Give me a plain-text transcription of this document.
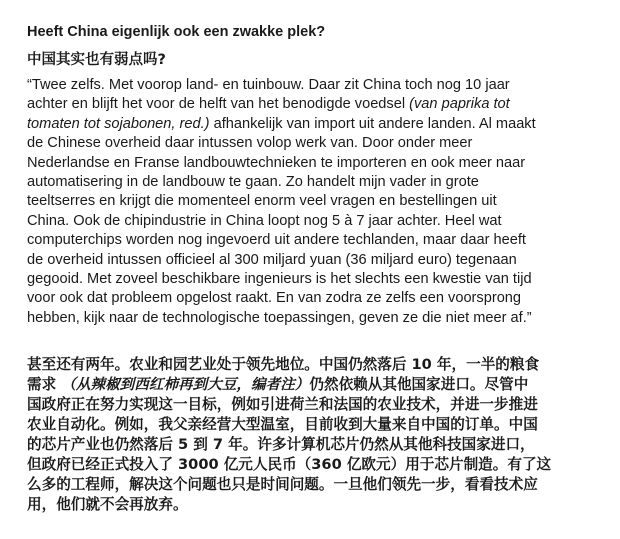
Heeft China eigenlijk ook een zwakke plek?
中国其实也有弱点吗?

“Twee zelfs. Met voorop land- en tuinbouw. Daar zit China toch nog 10 jaar
achter en blijft het voor de helft van het benodigde voedsel (van paprika tot
tomaten tot sojabonen, red.) afhankelijk van import uit andere landen. Al maakt
de Chinese overheid daar intussen volop werk van. Door onder meer
Nederlandse en Franse landbouwtechnieken te importeren en ook meer naar
automatisering in de landbouw te gaan. Zo handelt mijn vader in grote
teeltserres en krijgt die momenteel enorm veel vragen en bestellingen uit
China. Ook de chipindustrie in China loopt nog 5 à 7 jaar achter. Heel wat
computerchips worden nog ingevoerd uit andere techlanden, maar daar heeft
de overheid intussen officieel al 300 miljard yuan (36 miljard euro) tegenaan
gegooid. Met zoveel beschikbare ingenieurs is het slechts een kwestie van tijd
voor ook dat probleem opgelost raakt. En van zodra ze zelfs een voorsprong
hebben, kijk naar de technologische toepassingen, geven ze die niet meer af.”

甚至还有两年。农业和园艺业处于领先地位。中国仍然落后 10 年，一半的粮食
需求 （从辣椒到西红柿再到大豆，编者注）仍然依赖从其他国家进口。尽管中
国政府正在努力实现这一目标，例如引进荷兰和法国的农业技术，并进一步推进
农业自动化。例如，我父亲经营大型温室，目前收到大量来自中国的订单。中国
的芯片产业也仍然落后 5 到 7 年。许多计算机芯片仍然从其他科技国家进口，
但政府已经正式投入了 3000 亿元人民币（360 亿欧元）用于芯片制造。有了这
么多的工程师，解决这个问题也只是时间问题。一旦他们领先一步，看看技术应
用，他们就不会再放弃。
